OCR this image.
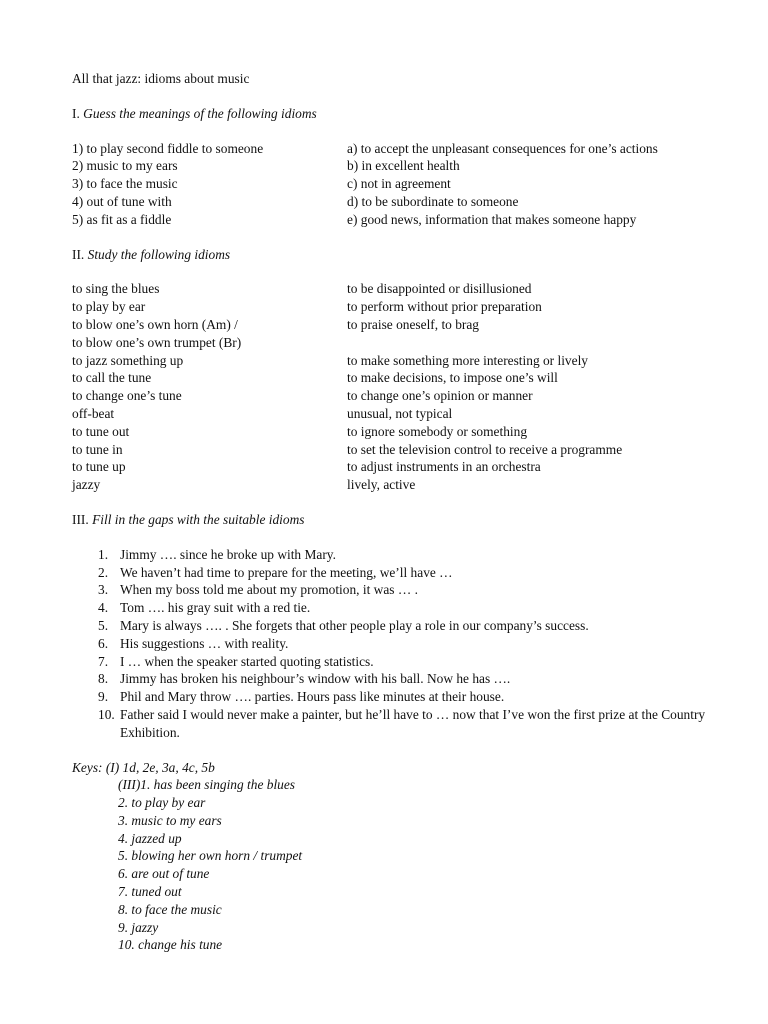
All that jazz: idioms about music
I. Guess the meanings of the following idioms
1) to play second fiddle to someone	a) to accept the unpleasant consequences for one’s actions
2) music to my ears	b) in excellent health
3) to face the music	c) not in agreement
4) out of tune with	d) to be subordinate to someone
5) as fit as a fiddle	e) good news, information that makes someone happy
II. Study the following idioms
to sing the blues	to be disappointed or disillusioned
to play by ear	to perform without prior preparation
to blow one’s own horn (Am) /	to praise oneself, to brag
to blow one’s own trumpet (Br)
to jazz something up	to make something more interesting or lively
to call the tune	to make decisions, to impose one’s will
to change one’s tune	to change one’s opinion or manner
off-beat	unusual, not typical
to tune out	to ignore somebody or something
to tune in	to set the television control to receive a programme
to tune up	to adjust instruments in an orchestra
jazzy	lively, active
III. Fill in the gaps with the suitable idioms
1. Jimmy …. since he broke up with Mary.
2. We haven’t had time to prepare for the meeting, we’ll have …
3. When my boss told me about my promotion, it was … .
4. Tom …. his gray suit with a red tie.
5. Mary is always …. . She forgets that other people play a role in our company’s success.
6. His suggestions … with reality.
7. I … when the speaker started quoting statistics.
8. Jimmy has broken his neighbour’s window with his ball. Now he has ….
9. Phil and Mary throw …. parties. Hours pass like minutes at their house.
10. Father said I would never make a painter, but he’ll have to … now that I’ve won the first prize at the Country Exhibition.
Keys: (I) 1d, 2e, 3a, 4c, 5b
(III)1. has been singing the blues
2. to play by ear
3. music to my ears
4. jazzed up
5. blowing her own horn / trumpet
6. are out of tune
7. tuned out
8. to face the music
9. jazzy
10. change his tune
